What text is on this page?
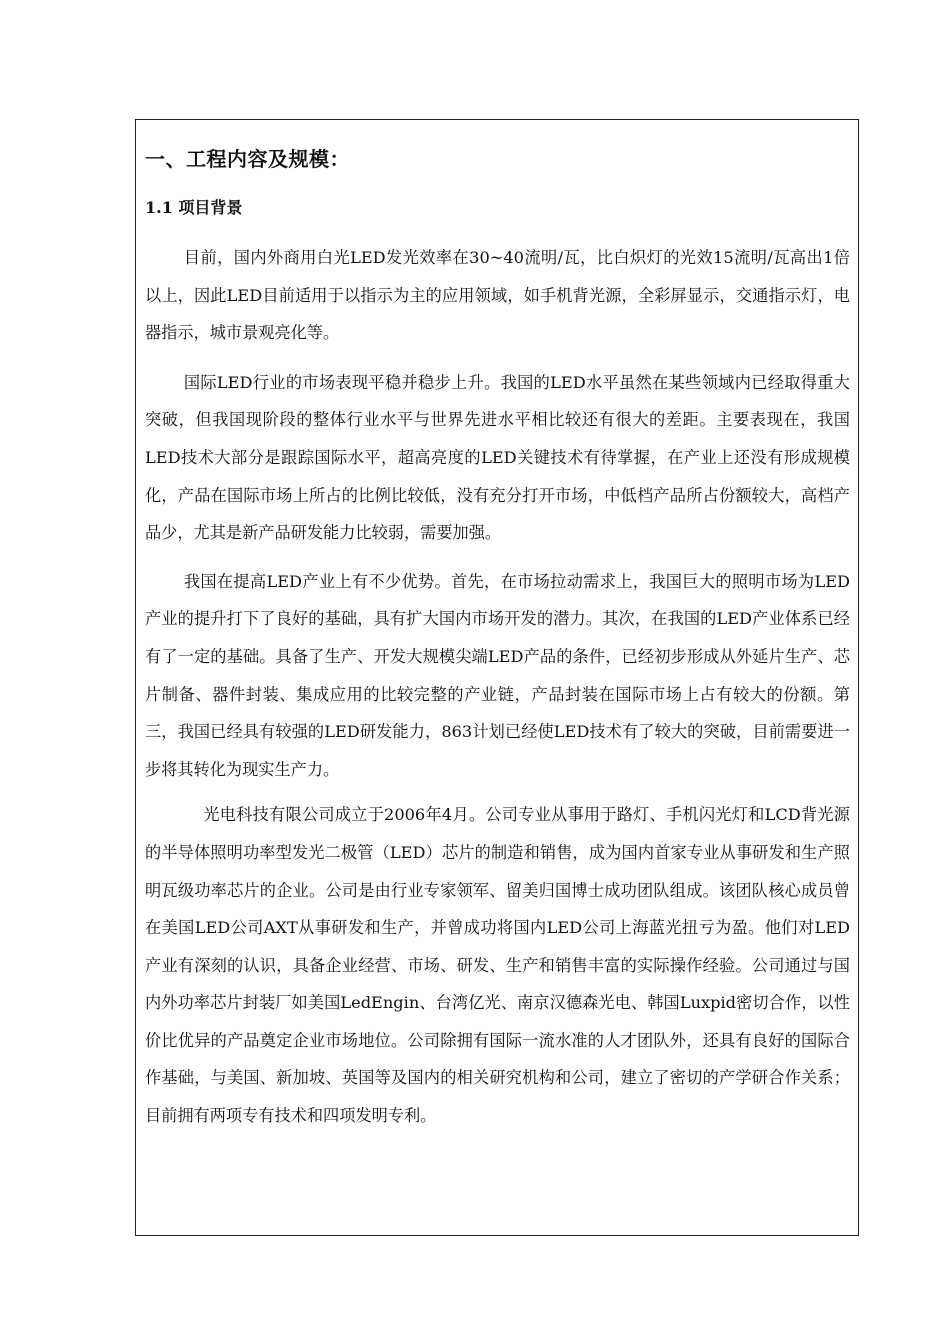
一、工程内容及规模：
1.1 项目背景

目前，国内外商用白光LED发光效率在30~40流明/瓦，比白炽灯的光效15流明/瓦高出1倍以上，因此LED目前适用于以指示为主的应用领域，如手机背光源，全彩屏显示，交通指示灯，电器指示，城市景观亮化等。

国际LED行业的市场表现平稳并稳步上升。我国的LED水平虽然在某些领域内已经取得重大突破，但我国现阶段的整体行业水平与世界先进水平相比较还有很大的差距。主要表现在，我国LED技术大部分是跟踪国际水平，超高亮度的LED关键技术有待掌握，在产业上还没有形成规模化，产品在国际市场上所占的比例比较低，没有充分打开市场，中低档产品所占份额较大，高档产品少，尤其是新产品研发能力比较弱，需要加强。

我国在提高LED产业上有不少优势。首先，在市场拉动需求上，我国巨大的照明市场为LED产业的提升打下了良好的基础，具有扩大国内市场开发的潜力。其次，在我国的LED产业体系已经有了一定的基础。具备了生产、开发大规模尖端LED产品的条件，已经初步形成从外延片生产、芯片制备、器件封装、集成应用的比较完整的产业链，产品封装在国际市场上占有较大的份额。第三，我国已经具有较强的LED研发能力，863计划已经使LED技术有了较大的突破，目前需要进一步将其转化为现实生产力。

光电科技有限公司成立于2006年4月。公司专业从事用于路灯、手机闪光灯和LCD背光源的半导体照明功率型发光二极管（LED）芯片的制造和销售，成为国内首家专业从事研发和生产照明瓦级功率芯片的企业。公司是由行业专家领军、留美归国博士成功团队组成。该团队核心成员曾在美国LED公司AXT从事研发和生产，并曾成功将国内LED公司上海蓝光扭亏为盈。他们对LED产业有深刻的认识，具备企业经营、市场、研发、生产和销售丰富的实际操作经验。公司通过与国内外功率芯片封装厂如美国LedEngin、台湾亿光、南京汉德森光电、韩国Luxpid密切合作，以性价比优异的产品奠定企业市场地位。公司除拥有国际一流水准的人才团队外，还具有良好的国际合作基础，与美国、新加坡、英国等及国内的相关研究机构和公司，建立了密切的产学研合作关系；目前拥有两项专有技术和四项发明专利。
